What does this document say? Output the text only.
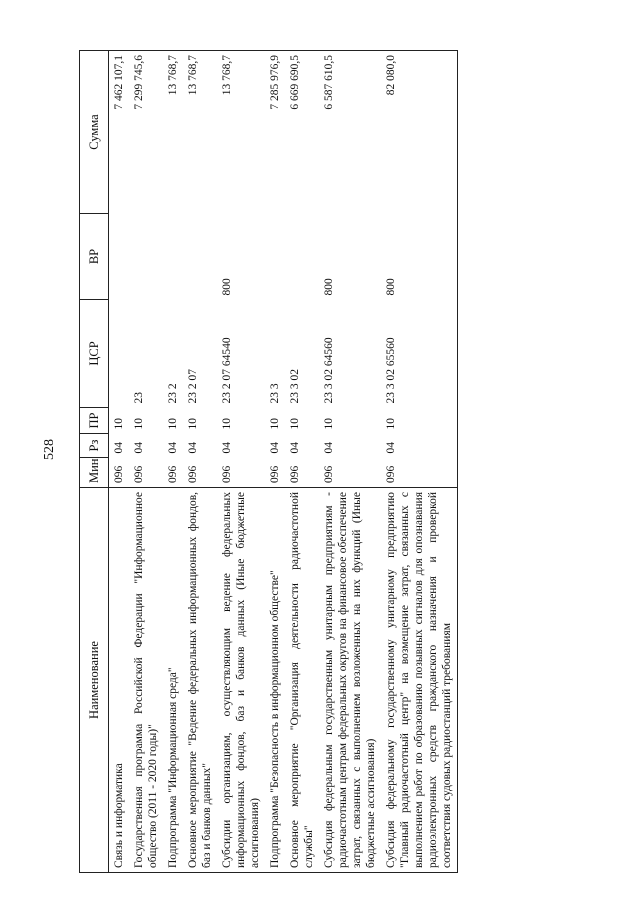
528
Наименование	Мин	Рз	ПР	ЦСР	ВР	Сумма
Связь и информатика	096	04	10			7 462 107,1
Государственная программа Российской Федерации "Информационное общество (2011 - 2020 годы)"	096	04	10	23		7 299 745,6
Подпрограмма "Информационная среда"	096	04	10	23 2		13 768,7
Основное мероприятие "Ведение федеральных информационных фондов, баз и банков данных"	096	04	10	23 2 07		13 768,7
Субсидии организациям, осуществляющим ведение федеральных информационных фондов, баз и банков данных (Иные бюджетные ассигнования)	096	04	10	23 2 07 64540	800	13 768,7
Подпрограмма "Безопасность в информационном обществе"	096	04	10	23 3		7 285 976,9
Основное мероприятие "Организация деятельности радиочастотной службы"	096	04	10	23 3 02		6 669 690,5
Субсидия федеральным государственным унитарным предприятиям - радиочастотным центрам федеральных округов на финансовое обеспечение затрат, связанных с выполнением возложенных на них функций (Иные бюджетные ассигнования)	096	04	10	23 3 02 64560	800	6 587 610,5
Субсидия федеральному государственному унитарному предприятию "Главный радиочастотный центр" на возмещение затрат, связанных с выполнением работ по образованию позывных сигналов для опознавания радиоэлектронных средств гражданского назначения и проверкой соответствия судовых радиостанций требованиям	096	04	10	23 3 02 65560	800	82 080,0
